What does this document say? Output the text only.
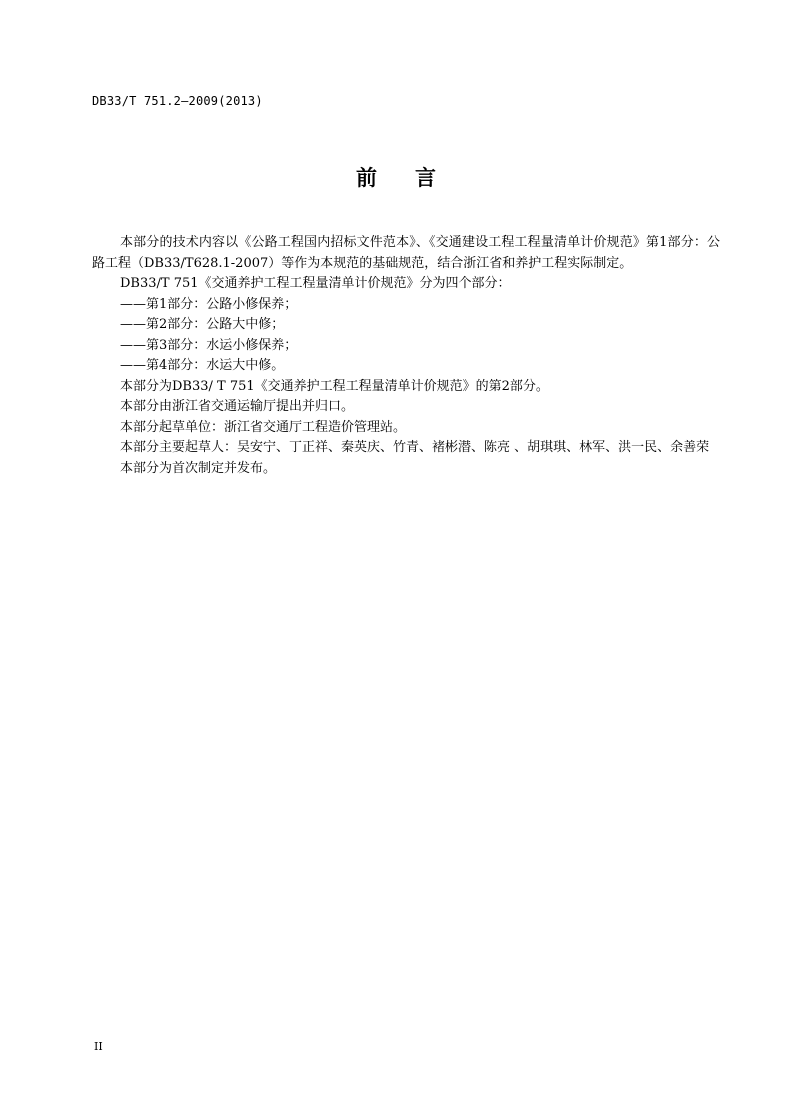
DB33/T 751.2—2009(2013)
前言
本部分的技术内容以《公路工程国内招标文件范本》、《交通建设工程工程量清单计价规范》第1部分：公路工程（DB33/T628.1-2007）等作为本规范的基础规范，结合浙江省和养护工程实际制定。
DB33/T 751《交通养护工程工程量清单计价规范》分为四个部分：
——第1部分：公路小修保养；
——第2部分：公路大中修；
——第3部分：水运小修保养；
——第4部分：水运大中修。
本部分为DB33/ T 751《交通养护工程工程量清单计价规范》的第2部分。
本部分由浙江省交通运输厅提出并归口。
本部分起草单位：浙江省交通厅工程造价管理站。
本部分主要起草人：吴安宁、丁正祥、秦英庆、竹青、褚彬潜、陈亮 、胡琪琪、林军、洪一民、余善荣
本部分为首次制定并发布。
II
